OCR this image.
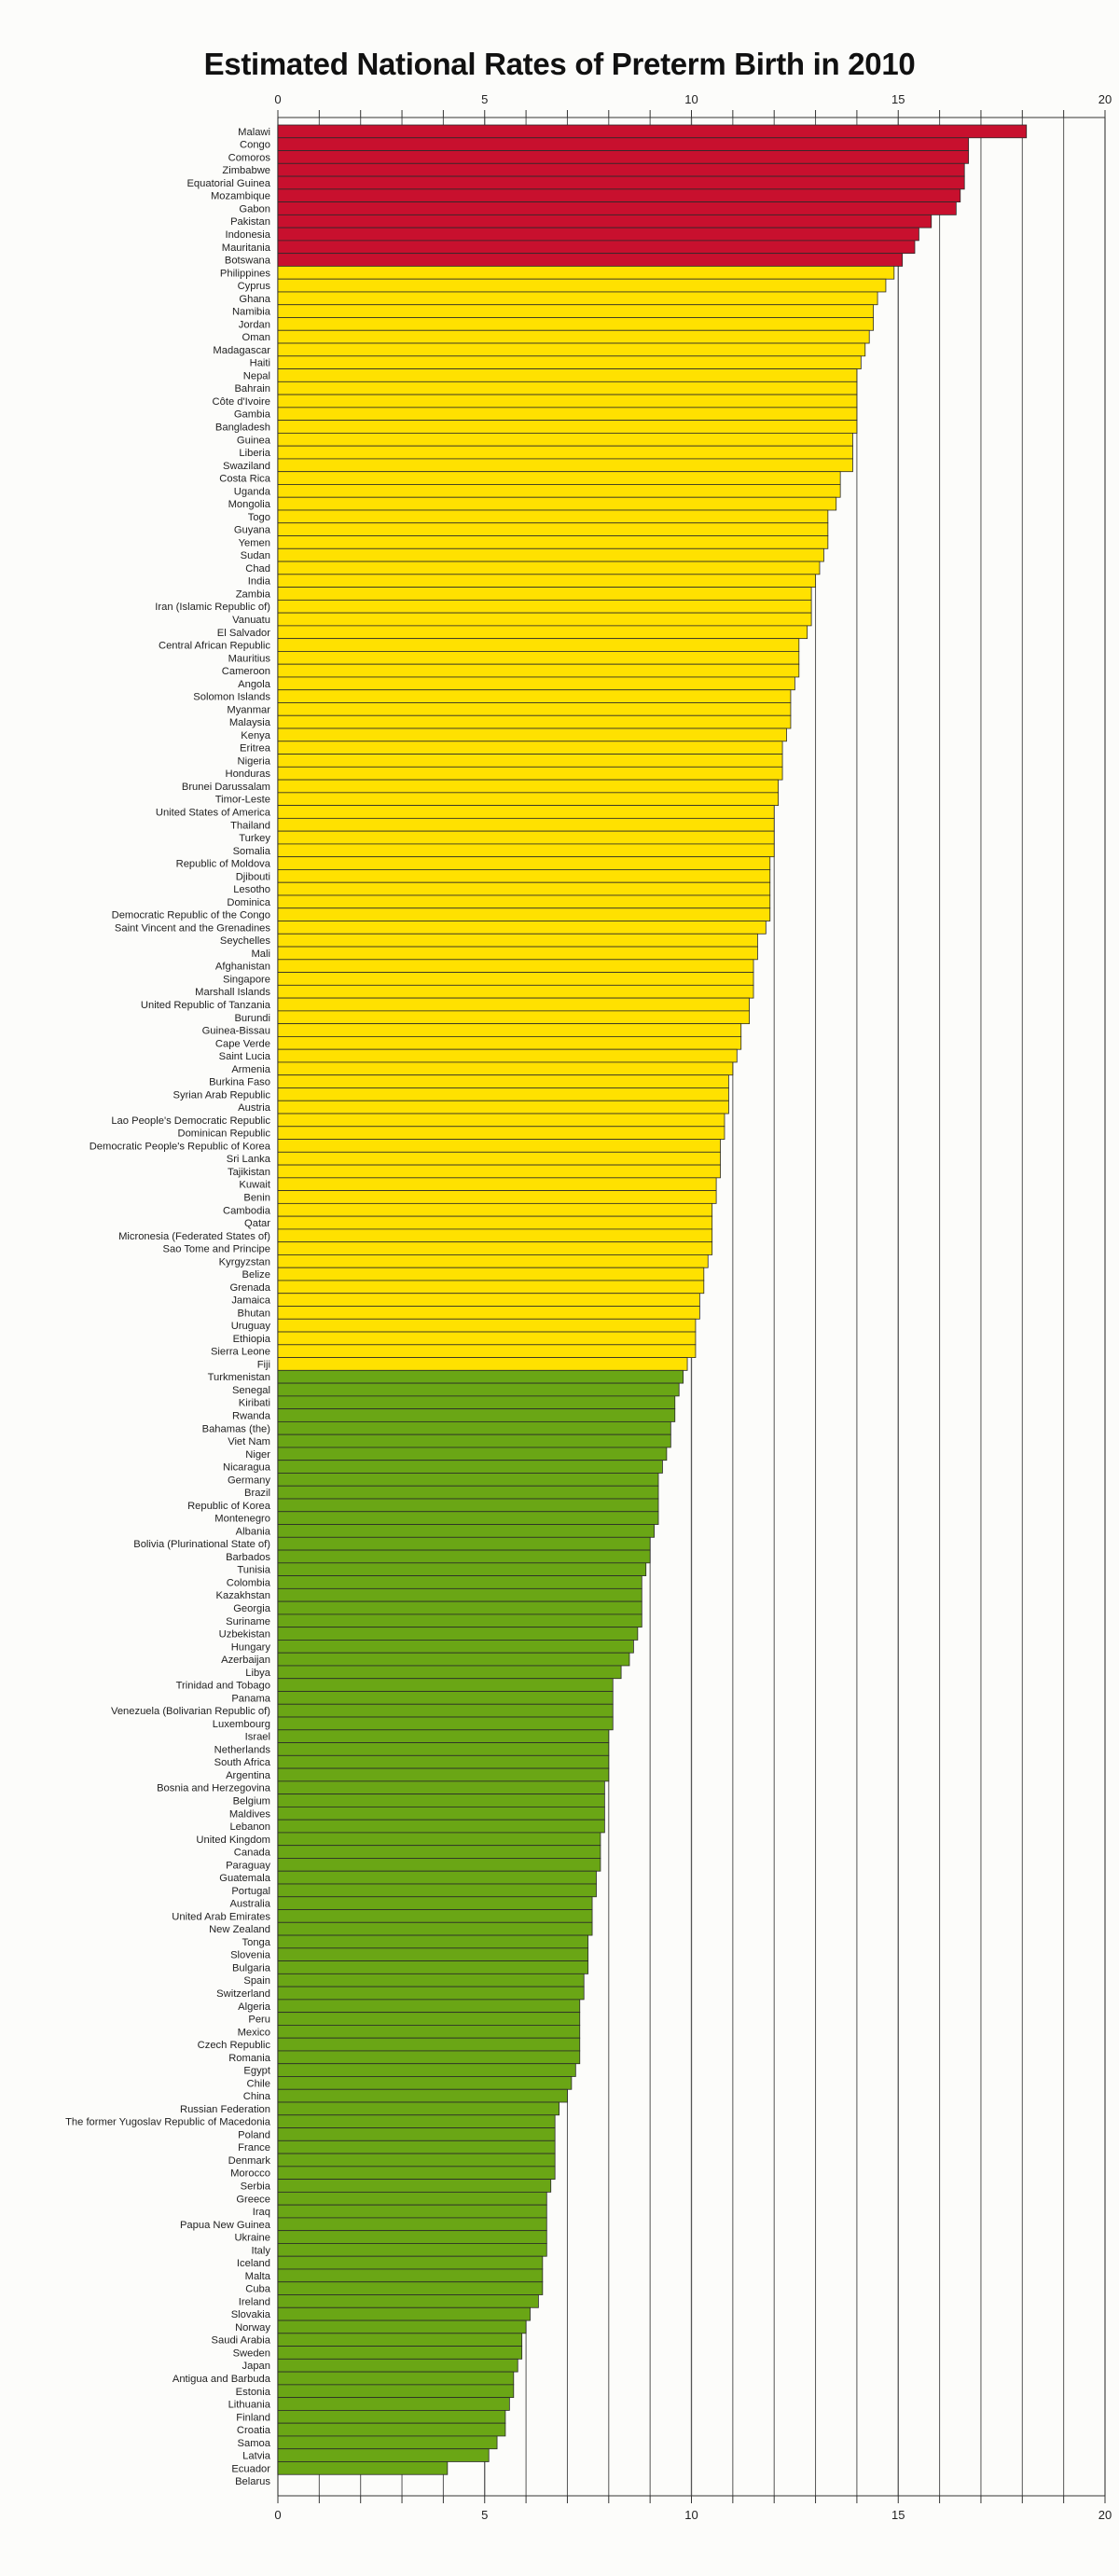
Estimated National Rates of Preterm Birth in 2010
Malawi
Congo
Comoros
Zimbabwe
Equatorial Guinea
Mozambique
Gabon
Pakistan
Indonesia
Mauritania
Botswana
Philippines
Cyprus
Ghana
Namibia
Jordan
Oman
Madagascar
Haiti
Nepal
Bahrain
Côte d'Ivoire
Gambia
Bangladesh
Guinea
Liberia
Swaziland
Costa Rica
Uganda
Mongolia
Togo
Guyana
Yemen
Sudan
Chad
India
Zambia
Iran (Islamic Republic of)
Vanuatu
El Salvador
Central African Republic
Mauritius
Cameroon
Angola
Solomon Islands
Myanmar
Malaysia
Kenya
Eritrea
Nigeria
Honduras
Brunei Darussalam
Timor-Leste
United States of America
Thailand
Turkey
Somalia
Republic of Moldova
Djibouti
Lesotho
Dominica
Democratic Republic of the Congo
Saint Vincent and the Grenadines
Seychelles
Mali
Afghanistan
Singapore
Marshall Islands
United Republic of Tanzania
Burundi
Guinea-Bissau
Cape Verde
Saint Lucia
Armenia
Burkina Faso
Syrian Arab Republic
Austria
Lao People's Democratic Republic
Dominican Republic
Democratic People's Republic of Korea
Sri Lanka
Tajikistan
Kuwait
Benin
Cambodia
Qatar
Micronesia (Federated States of)
Sao Tome and Principe
Kyrgyzstan
Belize
Grenada
Jamaica
Bhutan
Uruguay
Ethiopia
Sierra Leone
Fiji
Turkmenistan
Senegal
Kiribati
Rwanda
Bahamas (the)
Viet Nam
Niger
Nicaragua
Germany
Brazil
Republic of Korea
Montenegro
Albania
Bolivia (Plurinational State of)
Barbados
Tunisia
Colombia
Kazakhstan
Georgia
Suriname
Uzbekistan
Hungary
Azerbaijan
Libya
Trinidad and Tobago
Panama
Venezuela (Bolivarian Republic of)
Luxembourg
Israel
Netherlands
South Africa
Argentina
Bosnia and Herzegovina
Belgium
Maldives
Lebanon
United Kingdom
Canada
Paraguay
Guatemala
Portugal
Australia
United Arab Emirates
New Zealand
Tonga
Slovenia
Bulgaria
Spain
Switzerland
Algeria
Peru
Mexico
Czech Republic
Romania
Egypt
Chile
China
Russian Federation
The former Yugoslav Republic of Macedonia
Poland
France
Denmark
Morocco
Serbia
Greece
Iraq
Papua New Guinea
Ukraine
Italy
Iceland
Malta
Cuba
Ireland
Slovakia
Norway
Saudi Arabia
Sweden
Japan
Antigua and Barbuda
Estonia
Lithuania
Finland
Croatia
Samoa
Latvia
Ecuador
Belarus
0
0
5
5
10
10
15
15
20
20
